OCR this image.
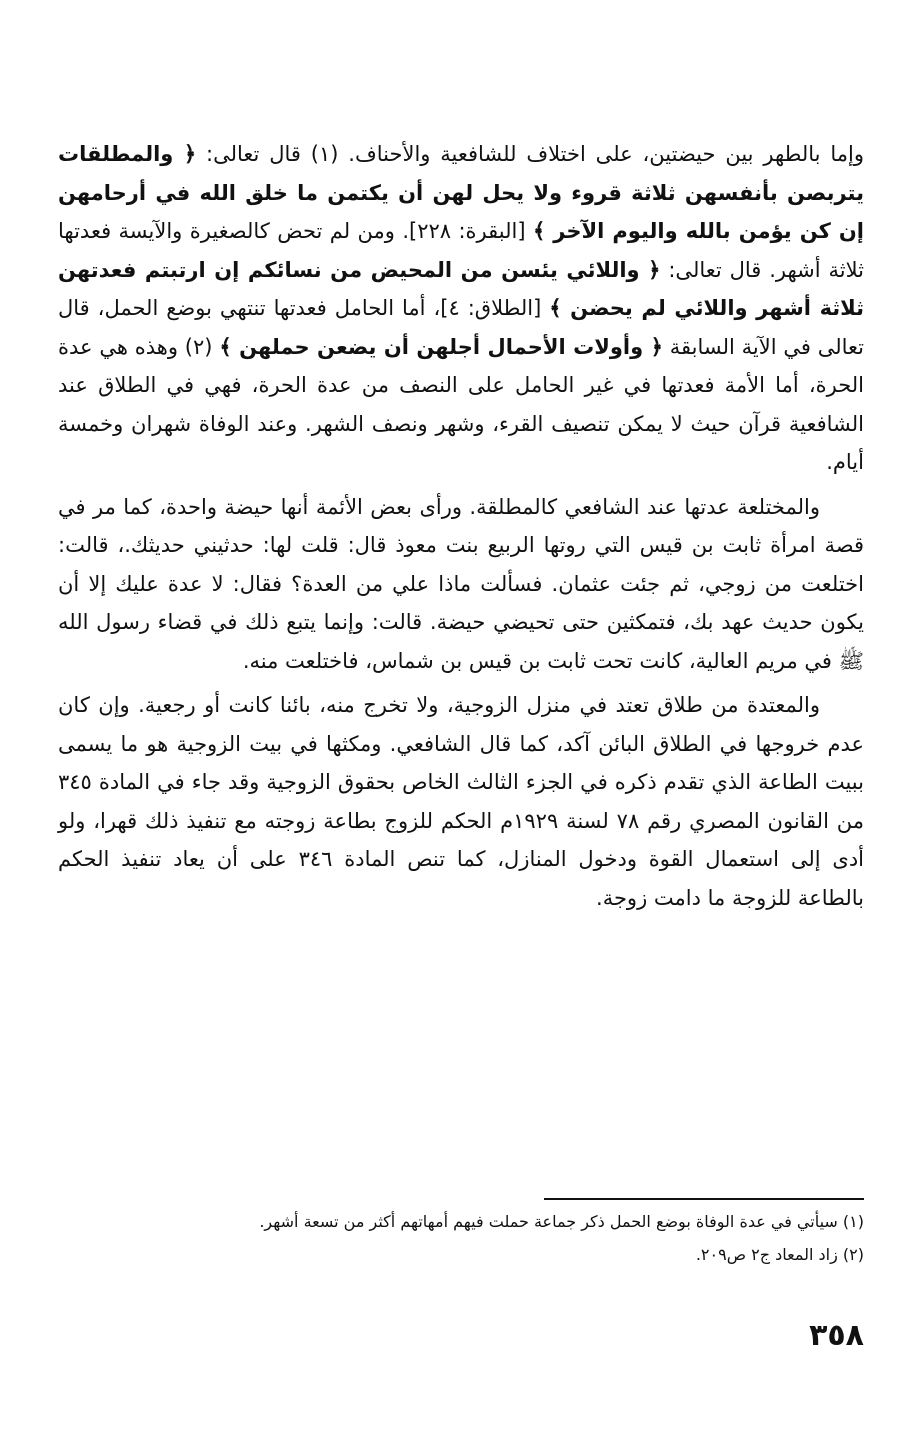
وإما بالطهر بين حيضتين، على اختلاف للشافعية والأحناف. (١) قال تعالى: ﴿ والمطلقات يتربصن بأنفسهن ثلاثة قروء ولا يحل لهن أن يكتمن ما خلق الله في أرحامهن إن كن يؤمن بالله واليوم الآخر ﴾ [البقرة: ٢٢٨]. ومن لم تحض كالصغيرة والآيسة فعدتها ثلاثة أشهر. قال تعالى: ﴿ واللائي يئسن من المحيض من نسائكم إن ارتبتم فعدتهن ثلاثة أشهر واللائي لم يحضن ﴾ [الطلاق: ٤]، أما الحامل فعدتها تنتهي بوضع الحمل، قال تعالى في الآية السابقة ﴿ وأولات الأحمال أجلهن أن يضعن حملهن ﴾ (٢) وهذه هي عدة الحرة، أما الأمة فعدتها في غير الحامل على النصف من عدة الحرة، فهي في الطلاق عند الشافعية قرآن حيث لا يمكن تنصيف القرء، وشهر ونصف الشهر. وعند الوفاة شهران وخمسة أيام.

والمختلعة عدتها عند الشافعي كالمطلقة. ورأى بعض الأئمة أنها حيضة واحدة، كما مر في قصة امرأة ثابت بن قيس التي روتها الربيع بنت معوذ قال: قلت لها: حدثيني حديثك.، قالت: اختلعت من زوجي، ثم جئت عثمان. فسألت ماذا علي من العدة؟ فقال: لا عدة عليك إلا أن يكون حديث عهد بك، فتمكثين حتى تحيضي حيضة. قالت: وإنما يتبع ذلك في قضاء رسول الله ﷺ في مريم العالية، كانت تحت ثابت بن قيس بن شماس، فاختلعت منه.

والمعتدة من طلاق تعتد في منزل الزوجية، ولا تخرج منه، بائنا كانت أو رجعية. وإن كان عدم خروجها في الطلاق البائن آكد، كما قال الشافعي. ومكثها في بيت الزوجية هو ما يسمى ببيت الطاعة الذي تقدم ذكره في الجزء الثالث الخاص بحقوق الزوجية وقد جاء في المادة ٣٤٥ من القانون المصري رقم ٧٨ لسنة ١٩٢٩م الحكم للزوج بطاعة زوجته مع تنفيذ ذلك قهرا، ولو أدى إلى استعمال القوة ودخول المنازل، كما تنص المادة ٣٤٦ على أن يعاد تنفيذ الحكم بالطاعة للزوجة ما دامت زوجة.

(١) سيأتي في عدة الوفاة بوضع الحمل ذكر جماعة حملت فيهم أمهاتهم أكثر من تسعة أشهر.

(٢) زاد المعاد ج٢ ص٢٠٩.

٣٥٨
